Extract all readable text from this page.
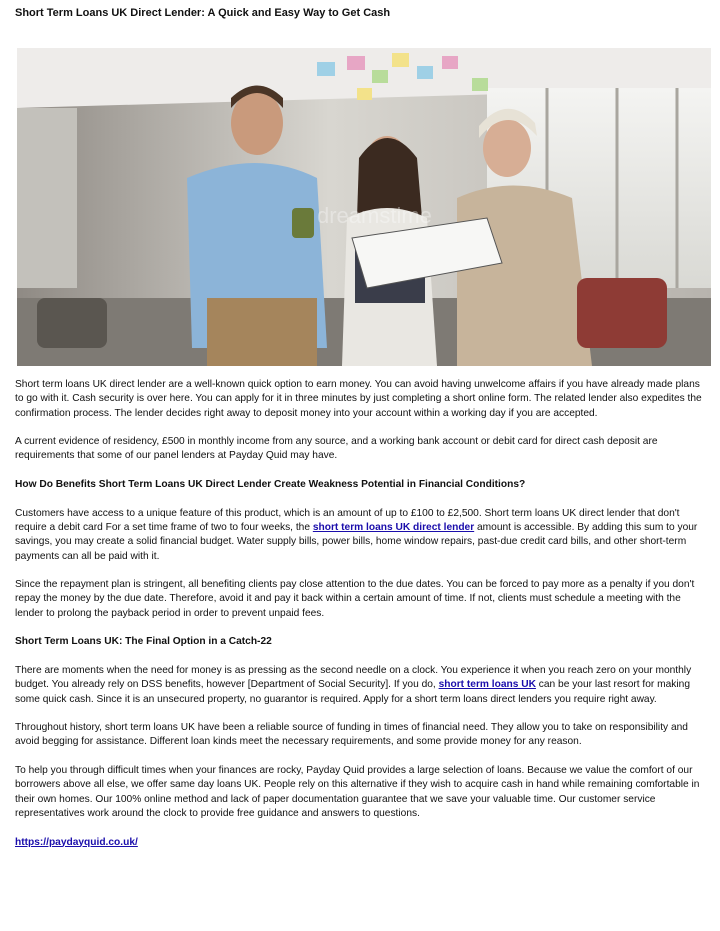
Short Term Loans UK Direct Lender: A Quick and Easy Way to Get Cash
dreamstime

Short term loans UK direct lender are a well-known quick option to earn money. You can avoid having unwelcome affairs if you have already made plans to go with it. Cash security is over here. You can apply for it in three minutes by just completing a short online form. The related lender also expedites the confirmation process. The lender decides right away to deposit money into your account within a working day if you are accepted.

A current evidence of residency, £500 in monthly income from any source, and a working bank account or debit card for direct cash deposit are requirements that some of our panel lenders at Payday Quid may have.

How Do Benefits Short Term Loans UK Direct Lender Create Weakness Potential in Financial Conditions?

Customers have access to a unique feature of this product, which is an amount of up to £100 to £2,500. Short term loans UK direct lender that don't require a debit card For a set time frame of two to four weeks, the short term loans UK direct lender amount is accessible. By adding this sum to your savings, you may create a solid financial budget. Water supply bills, power bills, home window repairs, past-due credit card bills, and other short-term payments can all be paid with it.

Since the repayment plan is stringent, all benefiting clients pay close attention to the due dates. You can be forced to pay more as a penalty if you don't repay the money by the due date. Therefore, avoid it and pay it back within a certain amount of time. If not, clients must schedule a meeting with the lender to prolong the payback period in order to prevent unpaid fees.

Short Term Loans UK: The Final Option in a Catch-22

There are moments when the need for money is as pressing as the second needle on a clock. You experience it when you reach zero on your monthly budget. You already rely on DSS benefits, however [Department of Social Security]. If you do, short term loans UK can be your last resort for making some quick cash. Since it is an unsecured property, no guarantor is required. Apply for a short term loans direct lenders you require right away.

Throughout history, short term loans UK have been a reliable source of funding in times of financial need. They allow you to take on responsibility and avoid begging for assistance. Different loan kinds meet the necessary requirements, and some provide money for any reason.

To help you through difficult times when your finances are rocky, Payday Quid provides a large selection of loans. Because we value the comfort of our borrowers above all else, we offer same day loans UK. People rely on this alternative if they wish to acquire cash in hand while remaining comfortable in their own homes. Our 100% online method and lack of paper documentation guarantee that we save your valuable time. Our customer service representatives work around the clock to provide free guidance and answers to questions.

https://paydayquid.co.uk/
